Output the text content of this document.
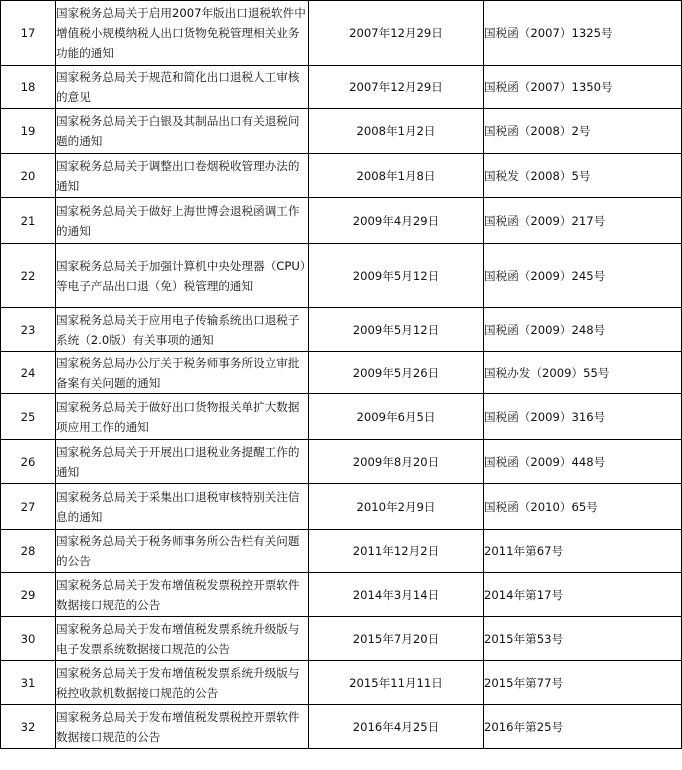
17	国家税务总局关于启用2007年版出口退税软件中增值税小规模纳税人出口货物免税管理相关业务功能的通知	2007年12月29日	国税函（2007）1325号
18	国家税务总局关于规范和简化出口退税人工审核的意见	2007年12月29日	国税函（2007）1350号
19	国家税务总局关于白银及其制品出口有关退税问题的通知	2008年1月2日	国税函（2008）2号
20	国家税务总局关于调整出口卷烟税收管理办法的通知	2008年1月8日	国税发（2008）5号
21	国家税务总局关于做好上海世博会退税函调工作的通知	2009年4月29日	国税函（2009）217号
22	国家税务总局关于加强计算机中央处理器（CPU）等电子产品出口退（免）税管理的通知	2009年5月12日	国税函（2009）245号
23	国家税务总局关于应用电子传输系统出口退税子系统（2.0版）有关事项的通知	2009年5月12日	国税函（2009）248号
24	国家税务总局办公厅关于税务师事务所设立审批备案有关问题的通知	2009年5月26日	国税办发（2009）55号
25	国家税务总局关于做好出口货物报关单扩大数据项应用工作的通知	2009年6月5日	国税函（2009）316号
26	国家税务总局关于开展出口退税业务提醒工作的通知	2009年8月20日	国税函（2009）448号
27	国家税务总局关于采集出口退税审核特别关注信息的通知	2010年2月9日	国税函（2010）65号
28	国家税务总局关于税务师事务所公告栏有关问题的公告	2011年12月2日	2011年第67号
29	国家税务总局关于发布增值税发票税控开票软件数据接口规范的公告	2014年3月14日	2014年第17号
30	国家税务总局关于发布增值税发票系统升级版与电子发票系统数据接口规范的公告	2015年7月20日	2015年第53号
31	国家税务总局关于发布增值税发票系统升级版与税控收款机数据接口规范的公告	2015年11月11日	2015年第77号
32	国家税务总局关于发布增值税发票税控开票软件数据接口规范的公告	2016年4月25日	2016年第25号
